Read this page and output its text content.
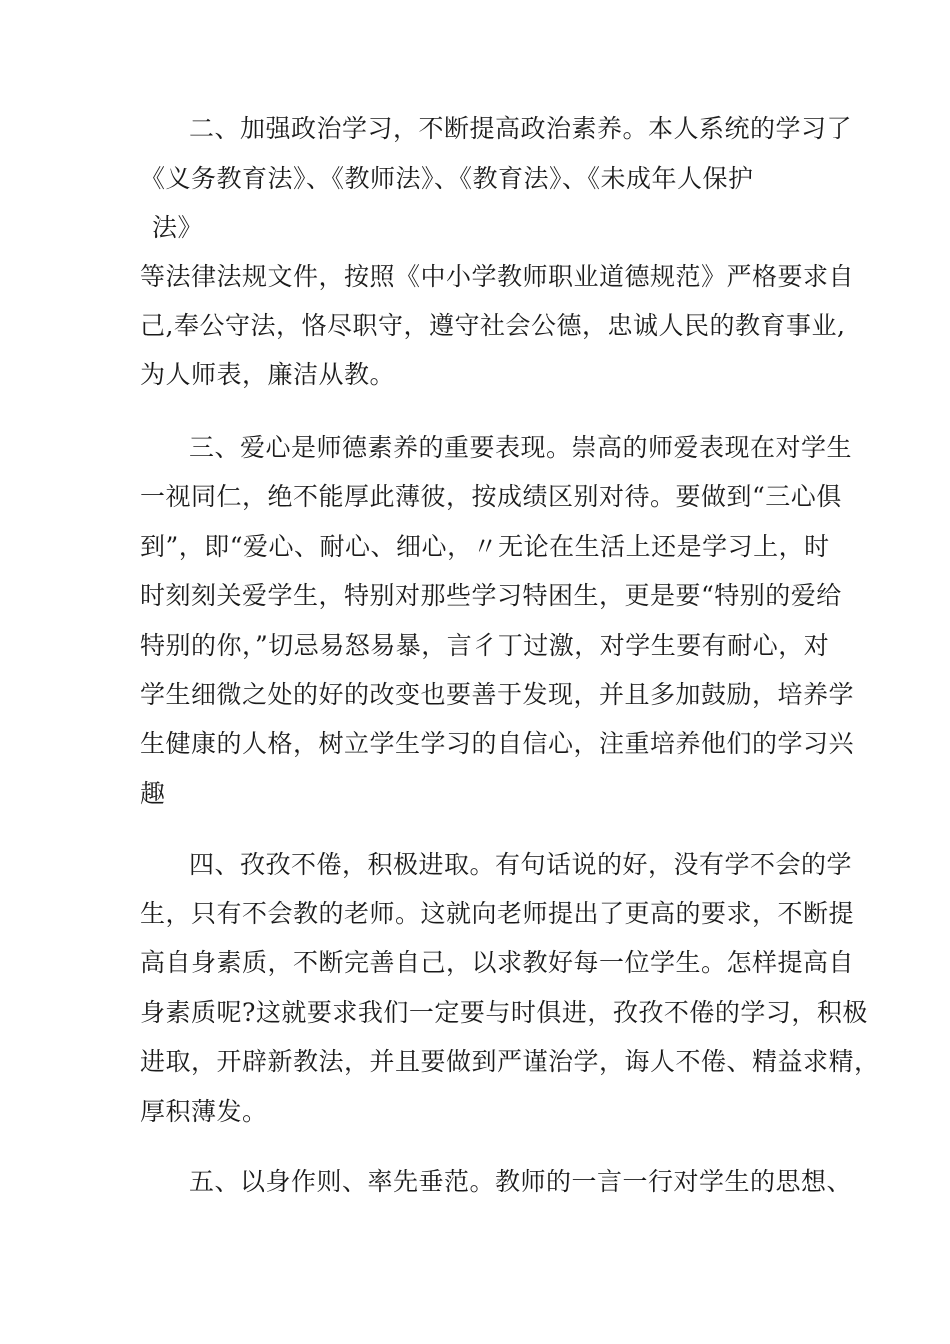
二、加强政治学习，不断提高政治素养。本人系统的学习了
《义务教育法》、《教师法》、《教育法》、《未成年人保护
法》
等法律法规文件，按照《中小学教师职业道德规范》严格要求自
己,奉公守法，恪尽职守，遵守社会公德，忠诚人民的教育事业,
为人师表，廉洁从教。
三、爱心是师德素养的重要表现。崇高的师爱表现在对学生
一视同仁，绝不能厚此薄彼，按成绩区别对待。要做到“三心俱
到”，即“爱心、耐心、细心，〃无论在生活上还是学习上，时
时刻刻关爱学生，特别对那些学习特困生，更是要“特别的爱给
特别的你，”切忌易怒易暴，言彳丁过激，对学生要有耐心，对
学生细微之处的好的改变也要善于发现，并且多加鼓励，培养学
生健康的人格，树立学生学习的自信心，注重培养他们的学习兴
趣
四、孜孜不倦，积极进取。有句话说的好，没有学不会的学
生，只有不会教的老师。这就向老师提出了更高的要求，不断提
高自身素质，不断完善自己，以求教好每一位学生。怎样提高自
身素质呢?这就要求我们一定要与时俱进，孜孜不倦的学习，积极
进取，开辟新教法，并且要做到严谨治学，诲人不倦、精益求精，
厚积薄发。
五、以身作则、率先垂范。教师的一言一行对学生的思想、
